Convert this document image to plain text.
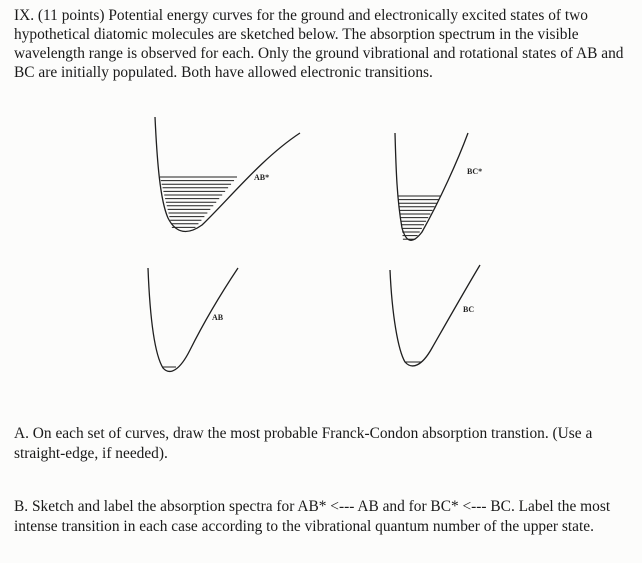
IX. (11 points) Potential energy curves for the ground and electronically excited states of two hypothetical diatomic molecules are sketched below. The absorption spectrum in the visible wavelength range is observed for each. Only the ground vibrational and rotational states of AB and BC are initially populated. Both have allowed electronic transitions.

AB*
BC*
AB
BC

A. On each set of curves, draw the most probable Franck-Condon absorption transtion. (Use a straight-edge, if needed).

B. Sketch and label the absorption spectra for AB* <--- AB and for BC* <--- BC. Label the most intense transition in each case according to the vibrational quantum number of the upper state.
